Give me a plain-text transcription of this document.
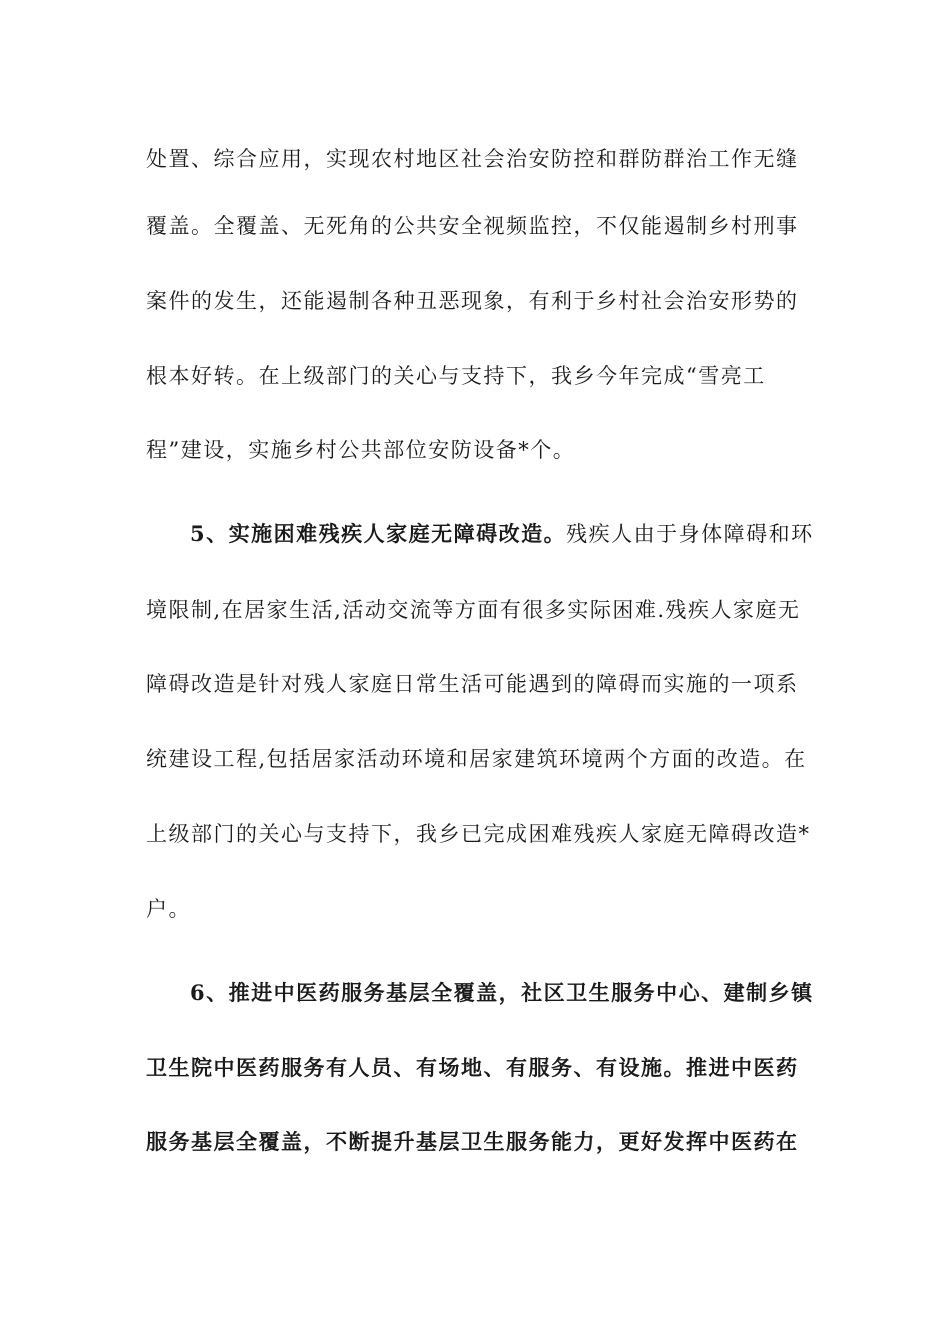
处置、综合应用，实现农村地区社会治安防控和群防群治工作无缝
覆盖。全覆盖、无死角的公共安全视频监控，不仅能遏制乡村刑事
案件的发生，还能遏制各种丑恶现象，有利于乡村社会治安形势的
根本好转。在上级部门的关心与支持下，我乡今年完成“雪亮工
程”建设，实施乡村公共部位安防设备*个。
5、实施困难残疾人家庭无障碍改造。残疾人由于身体障碍和环
境限制,在居家生活,活动交流等方面有很多实际困难.残疾人家庭无
障碍改造是针对残人家庭日常生活可能遇到的障碍而实施的一项系
统建设工程,包括居家活动环境和居家建筑环境两个方面的改造。在
上级部门的关心与支持下，我乡已完成困难残疾人家庭无障碍改造*
户。
6、推进中医药服务基层全覆盖，社区卫生服务中心、建制乡镇
卫生院中医药服务有人员、有场地、有服务、有设施。推进中医药
服务基层全覆盖，不断提升基层卫生服务能力，更好发挥中医药在
